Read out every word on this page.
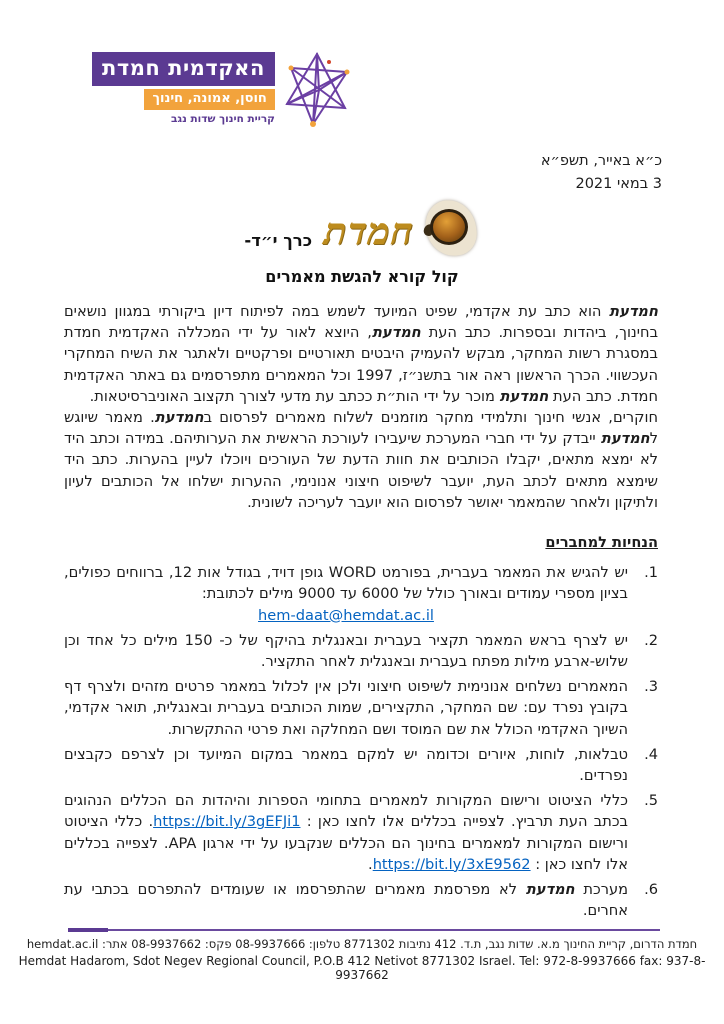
האקדמית חמדת
חוסן, אמונה, חינוך
קריית חינוך שדות נגב
כ״א באייר, תשפ״א
3 במאי 2021
חמדת
כרך י״ד-
קול קורא להגשת מאמרים

חמדעת הוא כתב עת אקדמי, שפיט המיועד לשמש במה לפיתוח דיון ביקורתי במגוון נושאים בחינוך, ביהדות ובספרות. כתב העת חמדעת, היוצא לאור על ידי המכללה האקדמית חמדת במסגרת רשות המחקר, מבקש להעמיק היבטים תאורטיים ופרקטיים ולאתגר את השיח המחקרי העכשווי. הכרך הראשון ראה אור בתשנ״ז, 1997 וכל המאמרים מתפרסמים גם באתר האקדמית חמדת. כתב העת חמדעת מוכר על ידי הות״ת ככתב עת מדעי לצורך תקצוב האוניברסיטאות.

חוקרים, אנשי חינוך ותלמידי מחקר מוזמנים לשלוח מאמרים לפרסום בחמדעת. מאמר שיוגש לחמדעת ייבדק על ידי חברי המערכת שיעבירו לעורכת הראשית את הערותיהם. במידה וכתב היד לא ימצא מתאים, יקבלו הכותבים את חוות הדעת של העורכים ויוכלו לעיין בהערות. כתב היד שימצא מתאים לכתב העת, יועבר לשיפוט חיצוני אנונימי, ההערות ישלחו אל הכותבים לעיון ולתיקון ולאחר שהמאמר יאושר לפרסום הוא יועבר לעריכה לשונית.

הנחיות למחברים
1.
יש להגיש את המאמר בעברית, בפורמט WORD גופן דויד, בגודל אות 12, ברווחים כפולים, בציון מספרי עמודים ובאורך כולל של 6000 עד 9000 מילים לכתובת:
hem-daat@hemdat.ac.il
2.
יש לצרף בראש המאמר תקציר בעברית ובאנגלית בהיקף של כ- 150 מילים כל אחד וכן שלוש-ארבע מילות מפתח בעברית ובאנגלית לאחר התקציר.
3.
המאמרים נשלחים אנונימית לשיפוט חיצוני ולכן אין לכלול במאמר פרטים מזהים ולצרף דף בקובץ נפרד עם: שם המחקר, התקצירים, שמות הכותבים בעברית ובאנגלית, תואר אקדמי, השיוך האקדמי הכולל את שם המוסד ושם המחלקה ואת פרטי ההתקשרות.
4.
טבלאות, לוחות, איורים וכדומה יש למקם במאמר במקום המיועד וכן לצרפם כקבצים נפרדים.
5.
כללי הציטוט ורישום המקורות למאמרים בתחומי הספרות והיהדות הם הכללים הנהוגים בכתב העת תרביץ. לצפייה בכללים אלו לחצו כאן : https://bit.ly/3gEFJi1. כללי הציטוט ורישום המקורות למאמרים בחינוך הם הכללים שנקבעו על ידי ארגון APA. לצפייה בכללים אלו לחצו כאן : https://bit.ly/3xE9562.
6.
מערכת חמדעת לא מפרסמת מאמרים שהתפרסמו או שעומדים להתפרסם בכתבי עת אחרים.
חמדת הדרום, קריית החינוך מ.א. שדות נגב, ת.ד. 412 נתיבות 8771302 טלפון: 08-9937666 פקס: 08-9937662 אתר: hemdat.ac.il
Hemdat Hadarom, Sdot Negev Regional Council, P.O.B 412 Netivot 8771302 Israel. Tel: 972-8-9937666 fax: 937-8-9937662
